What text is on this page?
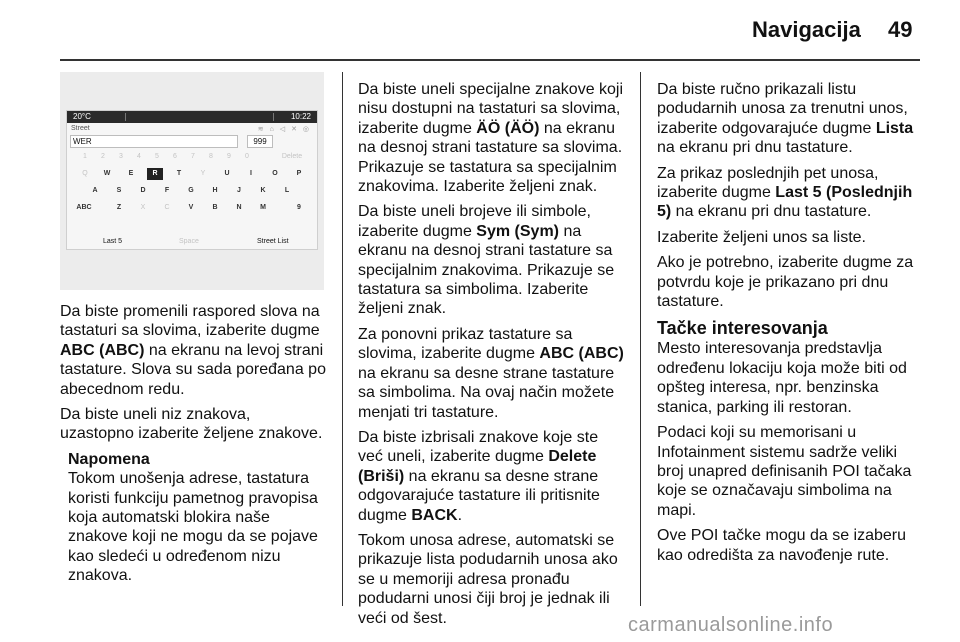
Navigacija 49
20°C	10:22
Street	≋ ⌂ ◁ ✕ ◎
WER	999
1	2	3	4	5	6	7	8	9	0	Delete
Q	W	E	R	T	Y	U	I	O	P
A	S	D	F	G	H	J	K	L
ABC	Z	X	C	V	B	N	M	9
Last 5	Space	Street List

Da biste promenili raspored slova na tastaturi sa slovima, izaberite dugme ABC (ABC) na ekranu na levoj strani tastature. Slova su sada poređana po abecednom redu.

Da biste uneli niz znakova, uzastopno izaberite željene znakove.

Napomena
Tokom unošenja adrese, tastatura koristi funkciju pametnog pravopisa koja automatski blokira naše znakove koji ne mogu da se pojave kao sledeći u određenom nizu znakova.

Da biste uneli specijalne znakove koji nisu dostupni na tastaturi sa slovima, izaberite dugme ÄÖ (ÄÖ) na ekranu na desnoj strani tastature sa slovima. Prikazuje se tastatura sa specijalnim znakovima. Izaberite željeni znak.

Da biste uneli brojeve ili simbole, izaberite dugme Sym (Sym) na ekranu na desnoj strani tastature sa specijalnim znakovima. Prikazuje se tastatura sa simbolima. Izaberite željeni znak.

Za ponovni prikaz tastature sa slovima, izaberite dugme ABC (ABC) na ekranu sa desne strane tastature sa simbolima. Na ovaj način možete menjati tri tastature.

Da biste izbrisali znakove koje ste već uneli, izaberite dugme Delete (Briši) na ekranu sa desne strane odgovarajuće tastature ili pritisnite dugme BACK.

Tokom unosa adrese, automatski se prikazuje lista podudarnih unosa ako se u memoriji adresa pronađu podudarni unosi čiji broj je jednak ili veći od šest.

Da biste ručno prikazali listu podudarnih unosa za trenutni unos, izaberite odgovarajuće dugme Lista na ekranu pri dnu tastature.

Za prikaz poslednjih pet unosa, izaberite dugme Last 5 (Poslednjih 5) na ekranu pri dnu tastature.

Izaberite željeni unos sa liste.

Ako je potrebno, izaberite dugme za potvrdu koje je prikazano pri dnu tastature.

Tačke interesovanja

Mesto interesovanja predstavlja određenu lokaciju koja može biti od opšteg interesa, npr. benzinska stanica, parking ili restoran.

Podaci koji su memorisani u Infotainment sistemu sadrže veliki broj unapred definisanih POI tačaka koje se označavaju simbolima na mapi.

Ove POI tačke mogu da se izaberu kao odredišta za navođenje rute.

carmanualsonline.info
